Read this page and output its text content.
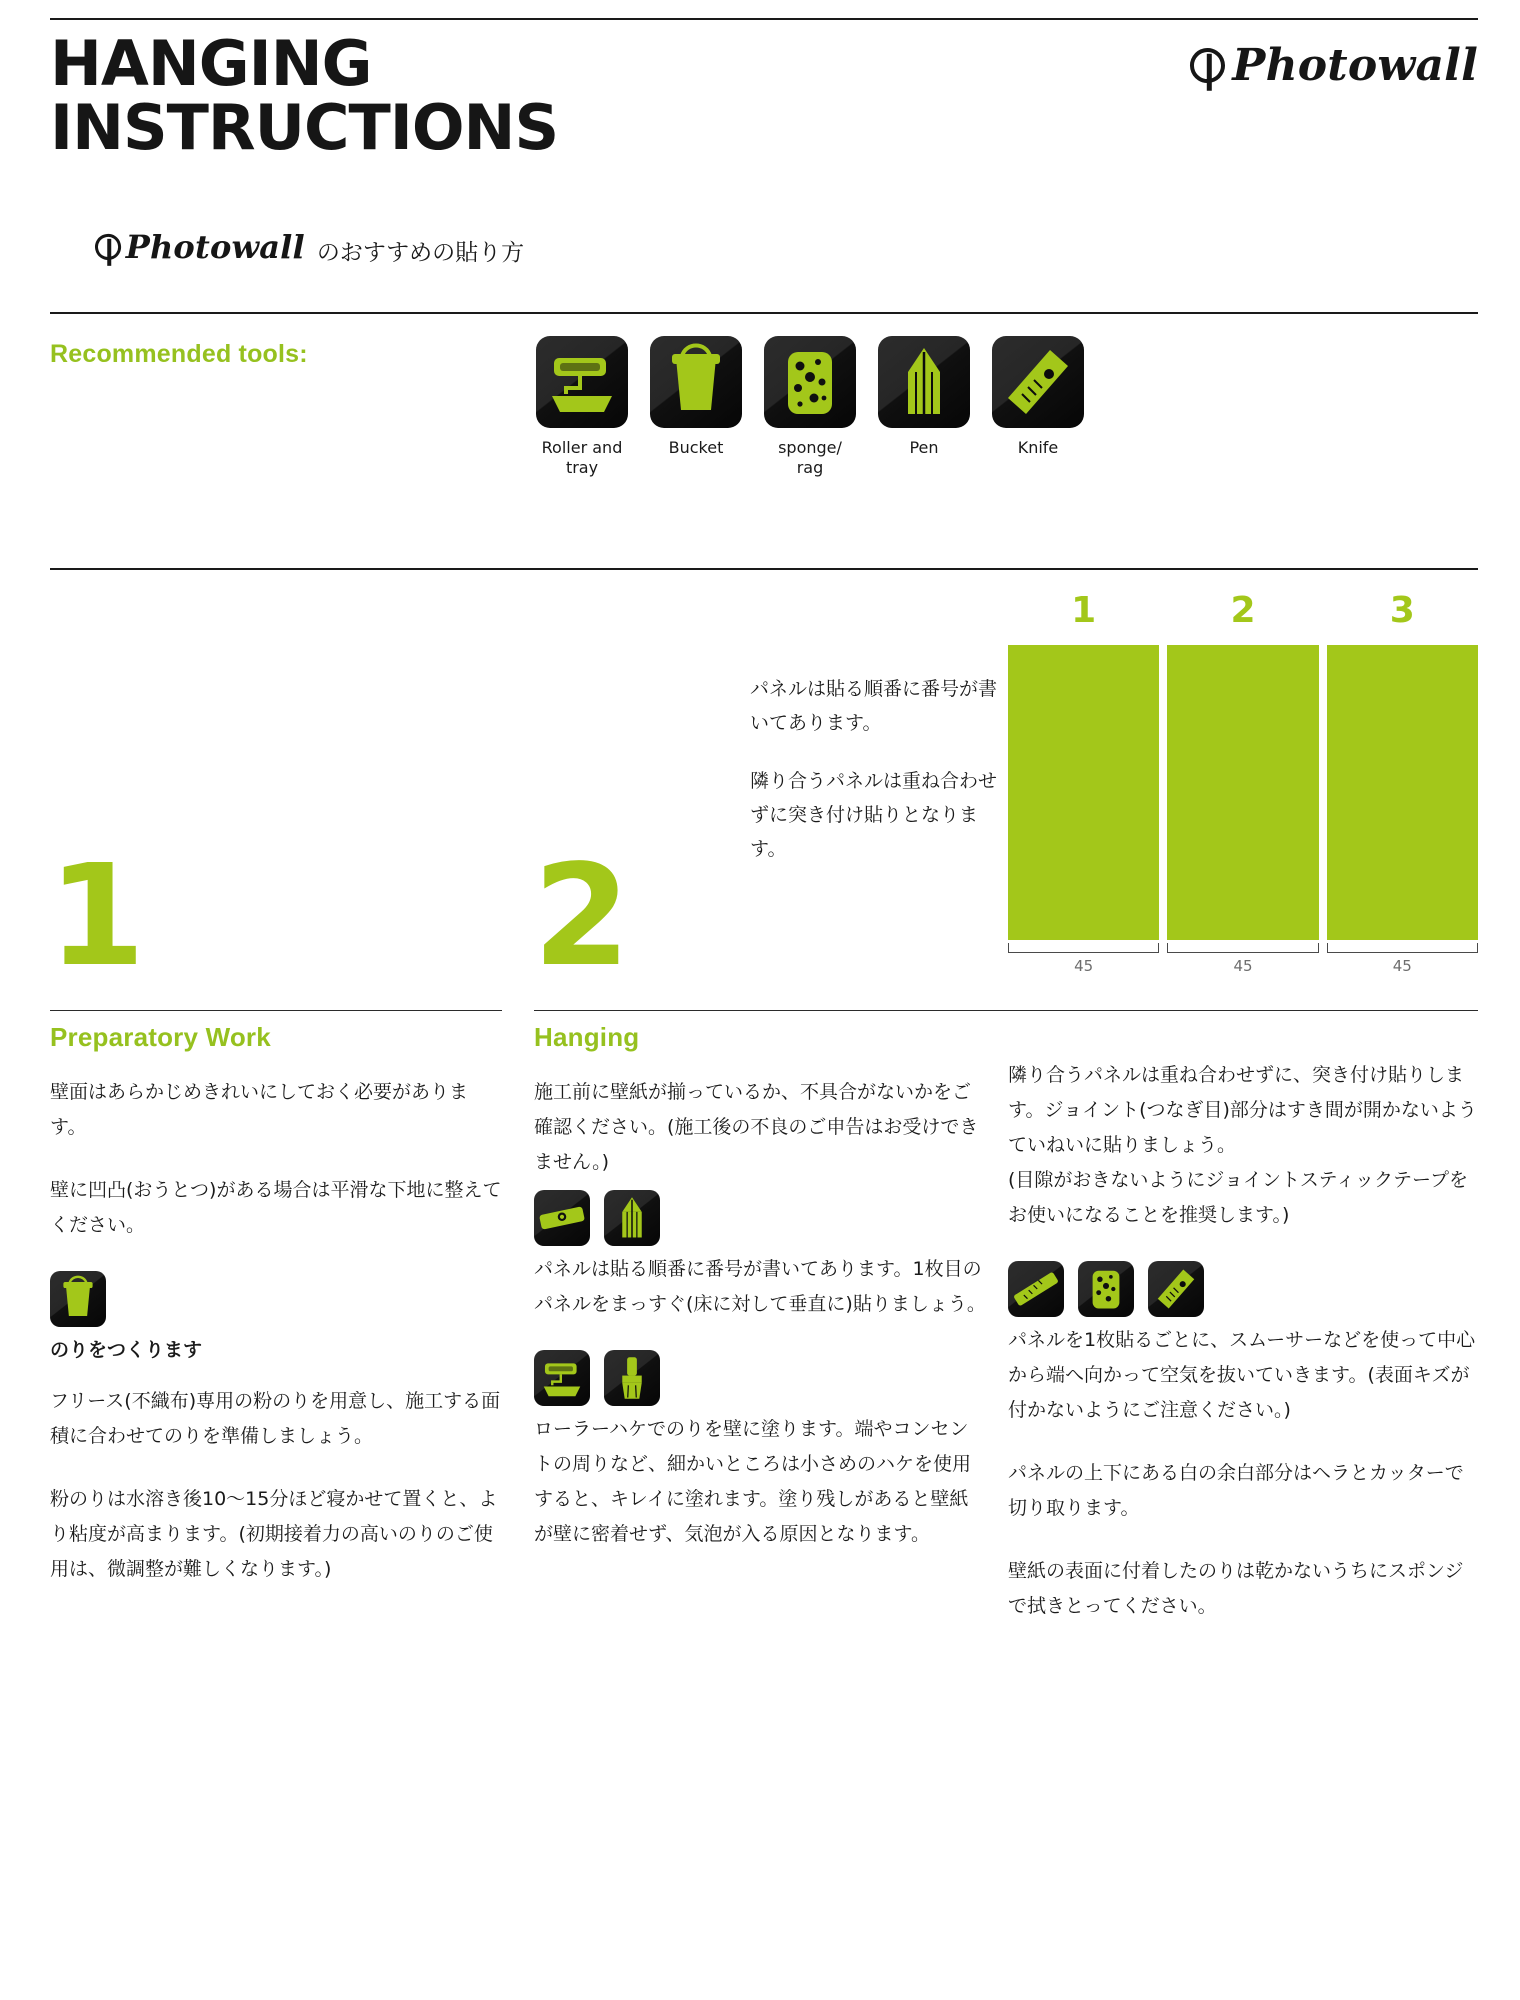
HANGING
INSTRUCTIONS
Photowall
Photowall のおすすめの貼り方
Recommended tools:
Roller and tray
Bucket	sponge/ rag
Pen	Knife
1	2

パネルは貼る順番に番号が書いてあります。

隣り合うパネルは重ね合わせずに突き付け貼りとなります。

1	2	3
45	45	45
Preparatory Work

壁面はあらかじめきれいにしておく必要があります。

壁に凹凸(おうとつ)がある場合は平滑な下地に整えてください。

のりをつくります

フリース(不織布)専用の粉のりを用意し、施工する面積に合わせてのりを準備しましょう。

粉のりは水溶き後10〜15分ほど寝かせて置くと、より粘度が高まります。(初期接着力の高いのりのご使用は、微調整が難しくなります。)

Hanging

施工前に壁紙が揃っているか、不具合がないかをご確認ください。(施工後の不良のご申告はお受けできません。)

パネルは貼る順番に番号が書いてあります。1枚目のパネルをまっすぐ(床に対して垂直に)貼りましょう。

ローラーハケでのりを壁に塗ります。端やコンセントの周りなど、細かいところは小さめのハケを使用すると、キレイに塗れます。塗り残しがあると壁紙が壁に密着せず、気泡が入る原因となります。

隣り合うパネルは重ね合わせずに、突き付け貼りします。ジョイント(つなぎ目)部分はすき間が開かないようていねいに貼りましょう。

(目隙がおきないようにジョイントスティックテープをお使いになることを推奨します。)

パネルを1枚貼るごとに、スムーサーなどを使って中心から端へ向かって空気を抜いていきます。(表面キズが付かないようにご注意ください。)

パネルの上下にある白の余白部分はヘラとカッターで切り取ります。

壁紙の表面に付着したのりは乾かないうちにスポンジで拭きとってください。
